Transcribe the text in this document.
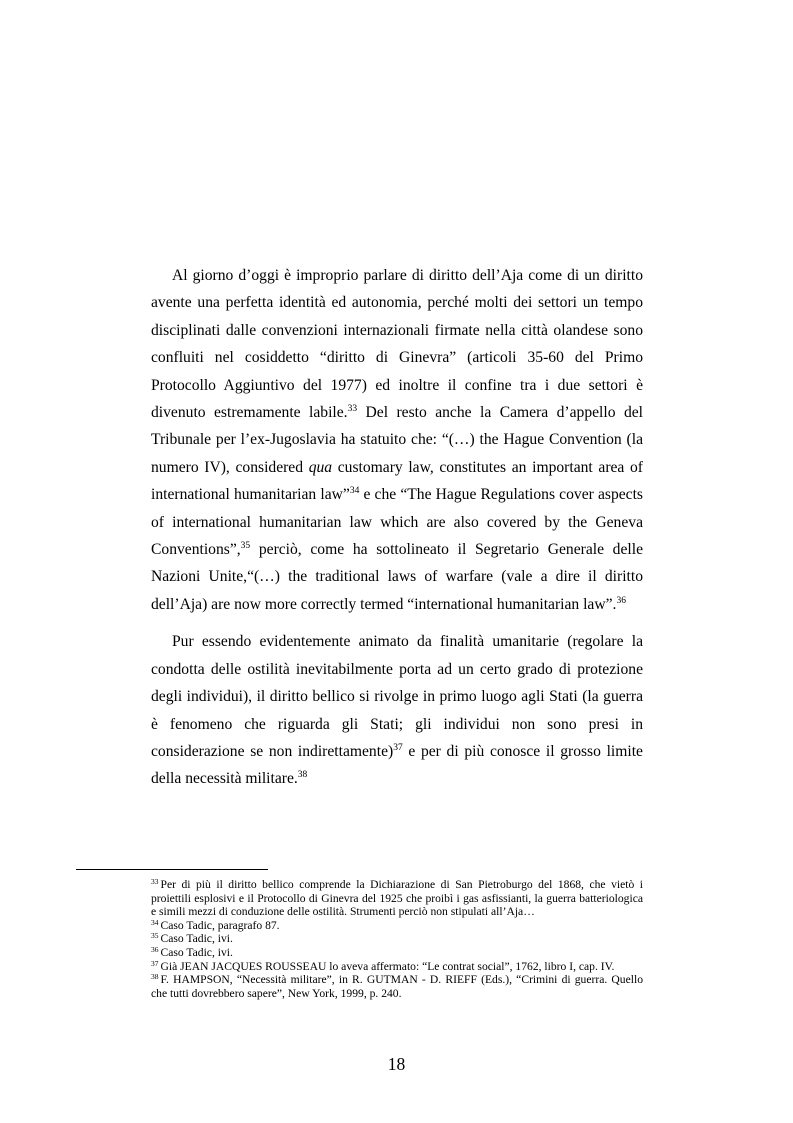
Al giorno d’oggi è improprio parlare di diritto dell’Aja come di un diritto avente una perfetta identità ed autonomia, perché molti dei settori un tempo disciplinati dalle convenzioni internazionali firmate nella città olandese sono confluiti nel cosiddetto “diritto di Ginevra” (articoli 35-60 del Primo Protocollo Aggiuntivo del 1977) ed inoltre il confine tra i due settori è divenuto estremamente labile.$^{33}$ Del resto anche la Camera d’appello del Tribunale per l’ex-Jugoslavia ha statuito che: “(…) the Hague Convention (la numero IV), considered qua customary law, constitutes an important area of international humanitarian law”$^{34}$ e che “The Hague Regulations cover aspects of international humanitarian law which are also covered by the Geneva Conventions”,$^{35}$ perciò, come ha sottolineato il Segretario Generale delle Nazioni Unite,“(…) the traditional laws of warfare (vale a dire il diritto dell’Aja) are now more correctly termed “international humanitarian law”.$^{36}$

Pur essendo evidentemente animato da finalità umanitarie (regolare la condotta delle ostilità inevitabilmente porta ad un certo grado di protezione degli individui), il diritto bellico si rivolge in primo luogo agli Stati (la guerra è fenomeno che riguarda gli Stati; gli individui non sono presi in considerazione se non indirettamente)$^{37}$ e per di più conosce il grosso limite della necessità militare.$^{38}$

$^{33}$ Per di più il diritto bellico comprende la Dichiarazione di San Pietroburgo del 1868, che vietò i proiettili esplosivi e il Protocollo di Ginevra del 1925 che proibì i gas asfissianti, la guerra batteriologica e simili mezzi di conduzione delle ostilità. Strumenti perciò non stipulati all’Aja…

$^{34}$ Caso Tadic, paragrafo 87.

$^{35}$ Caso Tadic, ivi.

$^{36}$ Caso Tadic, ivi.

$^{37}$ Già JEAN JACQUES ROUSSEAU lo aveva affermato: “Le contrat social”, 1762, libro I, cap. IV.

$^{38}$ F. HAMPSON, “Necessità militare”, in R. GUTMAN - D. RIEFF (Eds.), “Crimini di guerra. Quello che tutti dovrebbero sapere”, New York, 1999, p. 240.

18
